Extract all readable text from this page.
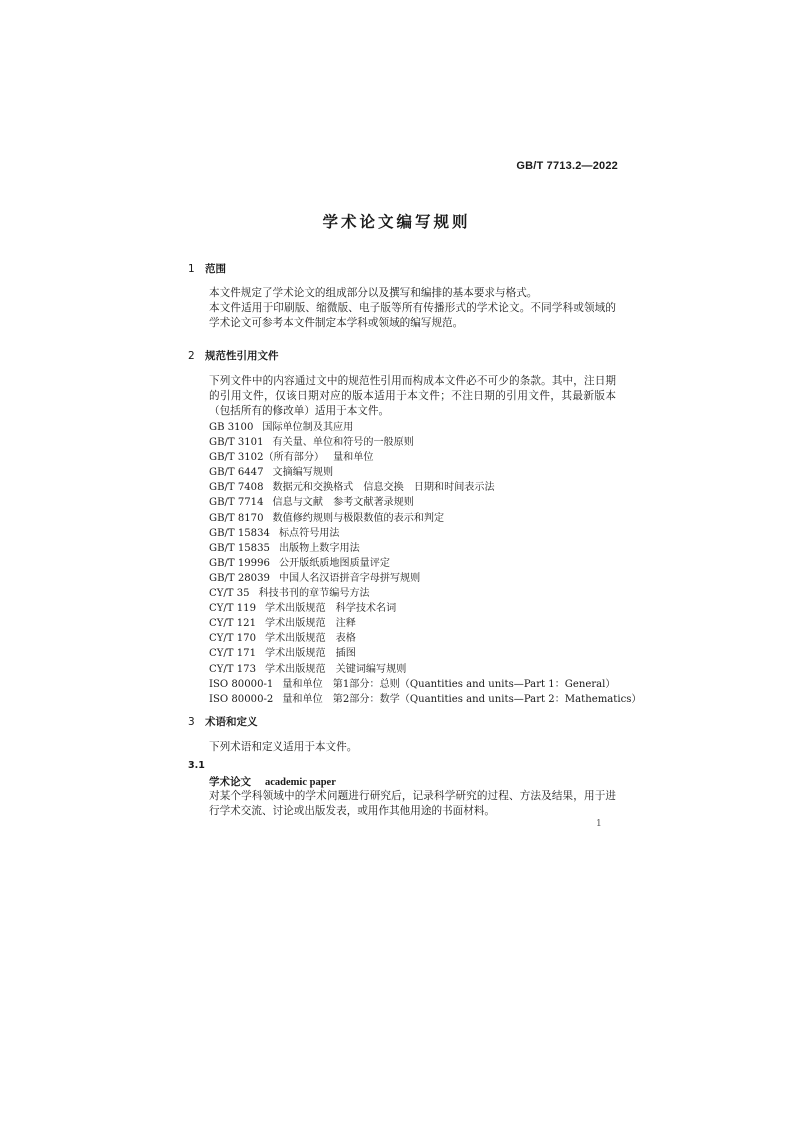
GB/T 7713.2—2022
学术论文编写规则
1 范围

本文件规定了学术论文的组成部分以及撰写和编排的基本要求与格式。

本文件适用于印刷版、缩微版、电子版等所有传播形式的学术论文。不同学科或领域的学术论文可参考本文件制定本学科或领域的编写规范。

2 规范性引用文件

下列文件中的内容通过文中的规范性引用而构成本文件必不可少的条款。其中，注日期的引用文件，仅该日期对应的版本适用于本文件；不注日期的引用文件，其最新版本（包括所有的修改单）适用于本文件。

GB 3100 国际单位制及其应用
GB/T 3101 有关量、单位和符号的一般原则
GB/T 3102（所有部分） 量和单位
GB/T 6447 文摘编写规则
GB/T 7408 数据元和交换格式　信息交换　日期和时间表示法
GB/T 7714 信息与文献　参考文献著录规则
GB/T 8170 数值修约规则与极限数值的表示和判定
GB/T 15834 标点符号用法
GB/T 15835 出版物上数字用法
GB/T 19996 公开版纸质地图质量评定
GB/T 28039 中国人名汉语拼音字母拼写规则
CY/T 35 科技书刊的章节编号方法
CY/T 119 学术出版规范　科学技术名词
CY/T 121 学术出版规范　注释
CY/T 170 学术出版规范　表格
CY/T 171 学术出版规范　插图
CY/T 173 学术出版规范　关键词编写规则
ISO 80000-1 量和单位　第1部分：总则（Quantities and units—Part 1：General）
ISO 80000-2 量和单位　第2部分：数学（Quantities and units—Part 2：Mathematics）
3 术语和定义

下列术语和定义适用于本文件。

3.1
学术论文 academic paper

对某个学科领域中的学术问题进行研究后，记录科学研究的过程、方法及结果，用于进行学术交流、讨论或出版发表，或用作其他用途的书面材料。

1
